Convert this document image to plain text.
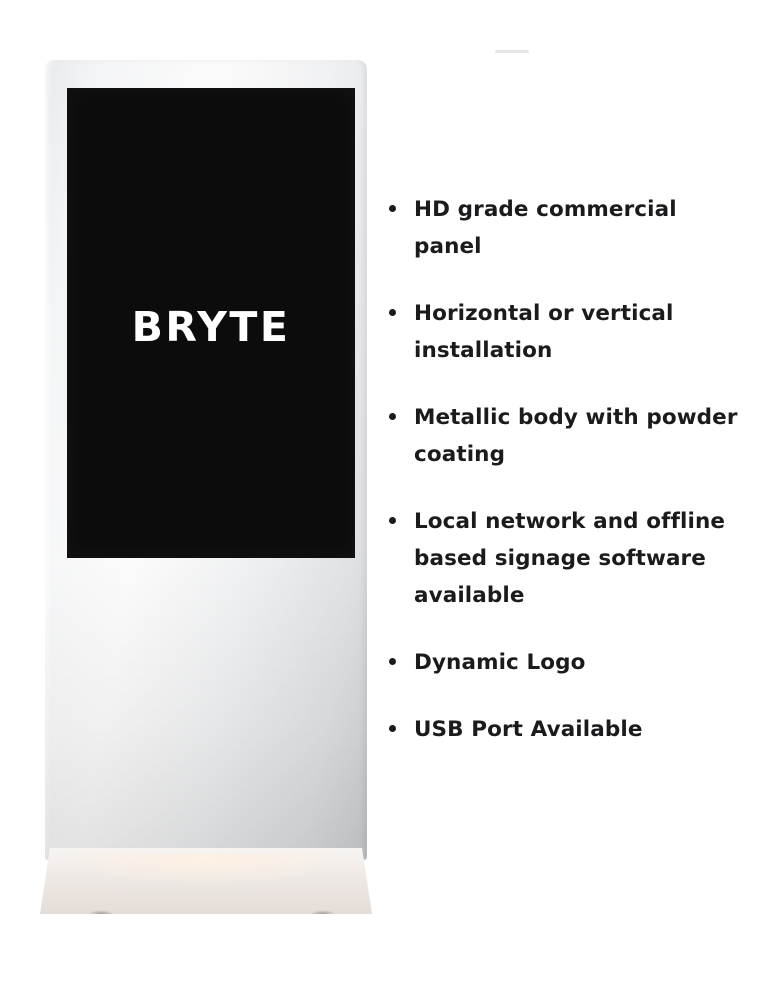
BRYTE
HD grade commercial panel
Horizontal or vertical installation
Metallic body with powder coating
Local network and offline based signage software available
Dynamic Logo
USB Port Available
